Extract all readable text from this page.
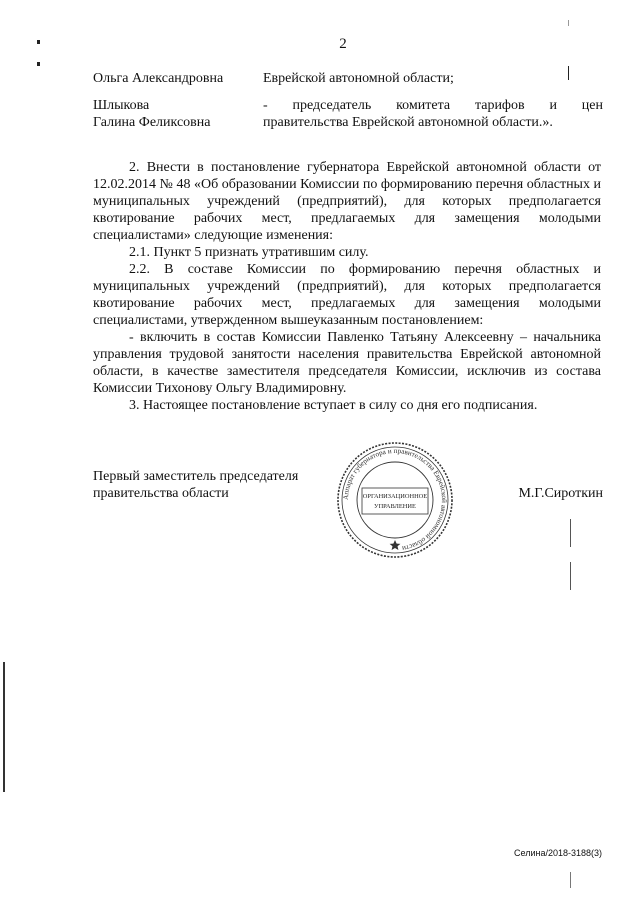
2
Ольга Александровна	Еврейской автономной области;
Шлыкова
Галина Феликсовна
- председатель комитета тарифов и цен
правительства Еврейской автономной области.».

2. Внести в постановление губернатора Еврейской автономной области от 12.02.2014 № 48 «Об образовании Комиссии по формированию перечня областных и муниципальных учреждений (предприятий), для которых предполагается квотирование рабочих мест, предлагаемых для замещения молодыми специалистами» следующие изменения:

2.1. Пункт 5 признать утратившим силу.

2.2. В составе Комиссии по формированию перечня областных и муниципальных учреждений (предприятий), для которых предполагается квотирование рабочих мест, предлагаемых для замещения молодыми специалистами, утвержденном вышеуказанным постановлением:

- включить в состав Комиссии Павленко Татьяну Алексеевну – начальника управления трудовой занятости населения правительства Еврейской автономной области, в качестве заместителя председателя Комиссии, исключив из состава Комиссии Тихонову Ольгу Владимировну.

3. Настоящее постановление вступает в силу со дня его подписания.

Первый заместитель председателя
правительства области	М.Г.Сироткин
Аппарат губернатора и правительства Еврейской автономной области
ОРГАНИЗАЦИОННОЕ
УПРАВЛЕНИЕ
Селина/2018-3188(3)
